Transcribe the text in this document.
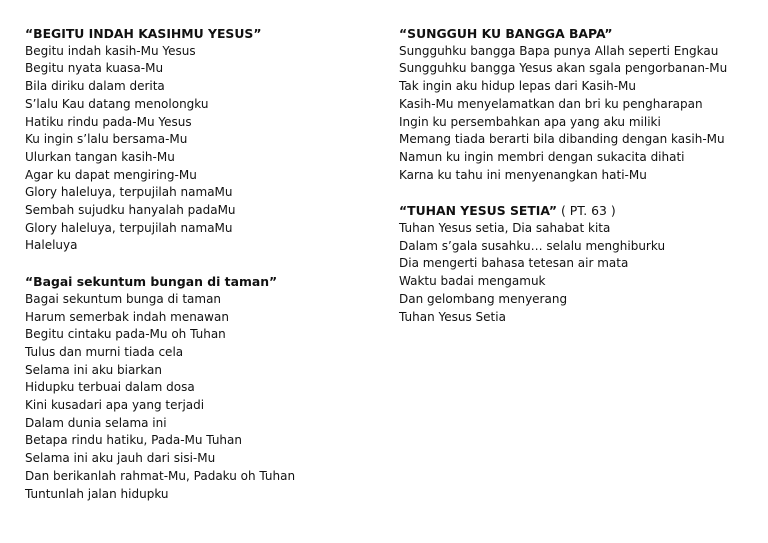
“BEGITU INDAH KASIHMU YESUS”
Begitu indah kasih-Mu Yesus
Begitu nyata kuasa-Mu
Bila diriku dalam derita
S’lalu Kau datang menolongku
Hatiku rindu pada-Mu Yesus
Ku ingin s’lalu bersama-Mu
Ulurkan tangan kasih-Mu
Agar ku dapat mengiring-Mu
Glory haleluya, terpujilah namaMu
Sembah sujudku hanyalah padaMu
Glory haleluya, terpujilah namaMu
Haleluya
“Bagai sekuntum bungan di taman”
Bagai sekuntum bunga di taman
Harum semerbak indah menawan
Begitu cintaku pada-Mu oh Tuhan
Tulus dan murni tiada cela
Selama ini aku biarkan
Hidupku terbuai dalam dosa
Kini kusadari apa yang terjadi
Dalam dunia selama ini
Betapa rindu hatiku, Pada-Mu Tuhan
Selama ini aku jauh dari sisi-Mu
Dan berikanlah rahmat-Mu, Padaku oh Tuhan
Tuntunlah jalan hidupku
“SUNGGUH KU BANGGA BAPA”
Sungguhku bangga Bapa punya Allah seperti Engkau
Sungguhku bangga Yesus akan sgala pengorbanan-Mu
Tak ingin aku hidup lepas dari Kasih-Mu
Kasih-Mu menyelamatkan dan bri ku pengharapan
Ingin ku persembahkan apa yang aku miliki
Memang tiada berarti bila dibanding dengan kasih-Mu
Namun ku ingin membri dengan sukacita dihati
Karna ku tahu ini menyenangkan hati-Mu
“TUHAN YESUS SETIA” ( PT. 63 )
Tuhan Yesus setia, Dia sahabat kita
Dalam s’gala susahku… selalu menghiburku
Dia mengerti bahasa tetesan air mata
Waktu badai mengamuk
Dan gelombang menyerang
Tuhan Yesus Setia
